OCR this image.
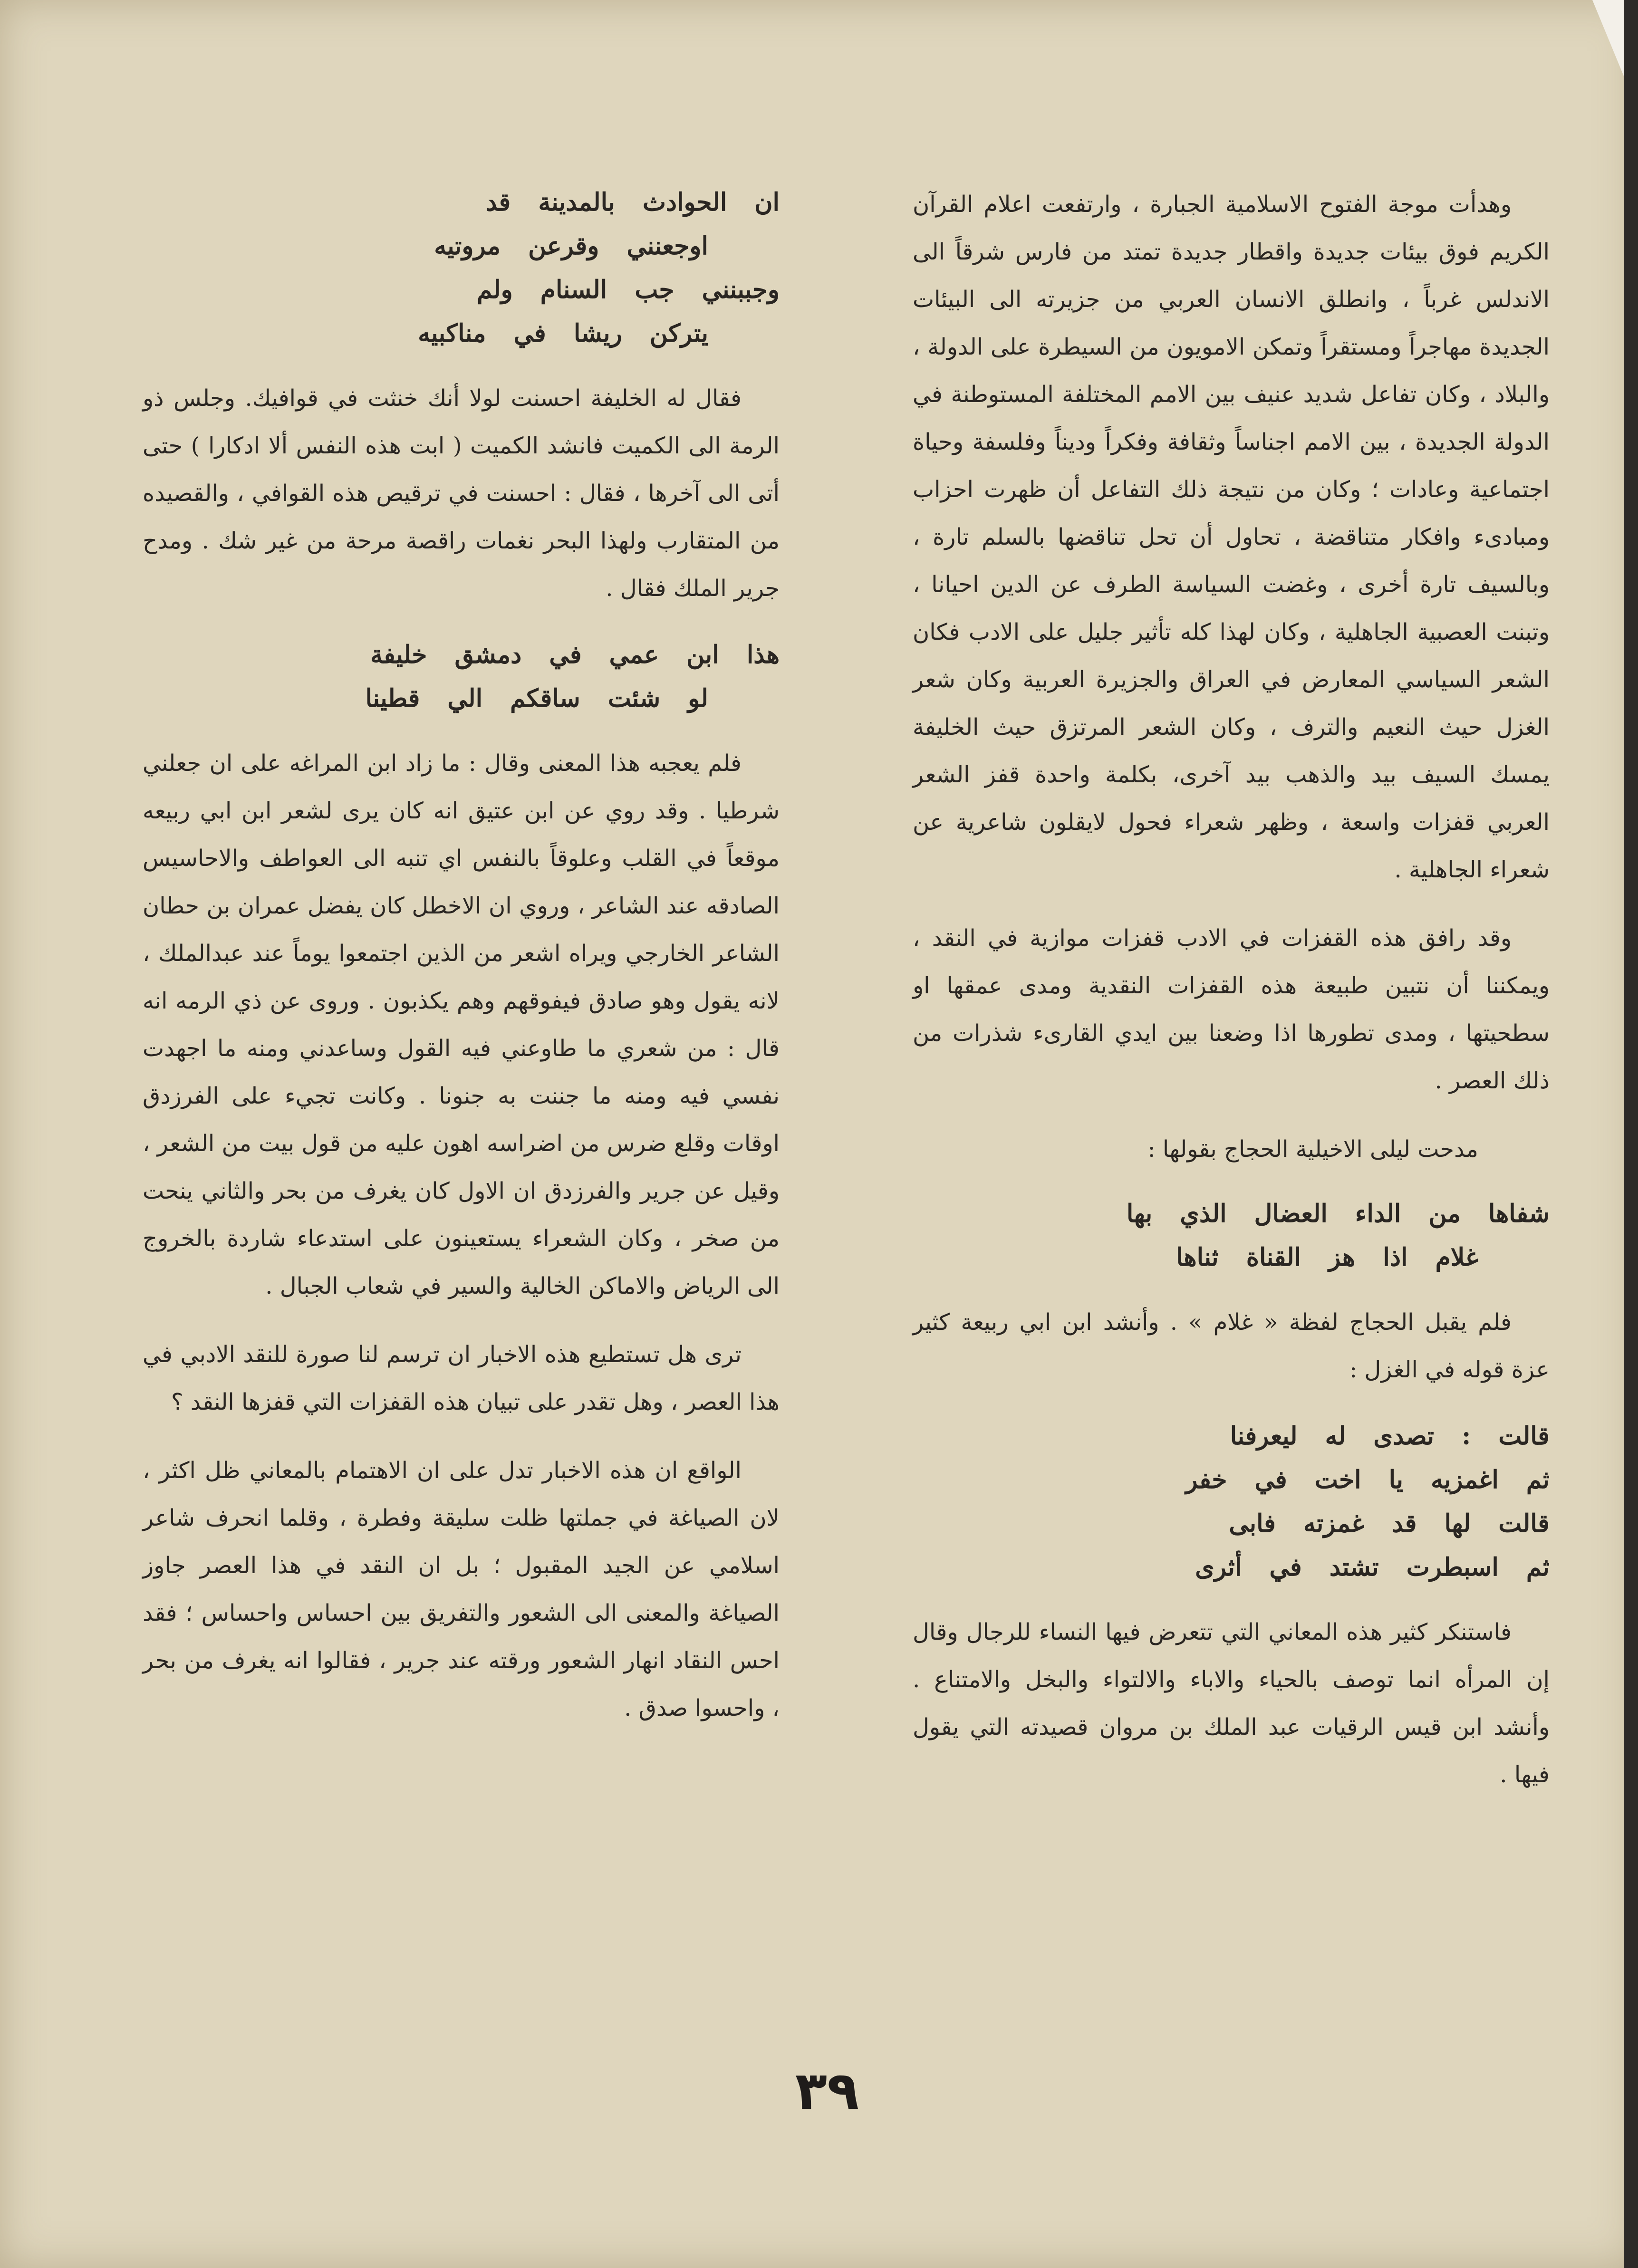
وهدأت موجة الفتوح الاسلامية الجبارة ، وارتفعت اعلام القرآن الكريم فوق بيئات جديدة واقطار جديدة تمتد من فارس شرقاً الى الاندلس غرباً ، وانطلق الانسان العربي من جزيرته الى البيئات الجديدة مهاجراً ومستقراً وتمكن الامويون من السيطرة على الدولة ، والبلاد ، وكان تفاعل شديد عنيف بين الامم المختلفة المستوطنة في الدولة الجديدة ، بين الامم اجناساً وثقافة وفكراً وديناً وفلسفة وحياة اجتماعية وعادات ؛ وكان من نتيجة ذلك التفاعل أن ظهرت احزاب ومبادىء وافكار متناقضة ، تحاول أن تحل تناقضها بالسلم تارة ، وبالسيف تارة أخرى ، وغضت السياسة الطرف عن الدين احيانا ، وتبنت العصبية الجاهلية ، وكان لهذا كله تأثير جليل على الادب فكان الشعر السياسي المعارض في العراق والجزيرة العربية وكان شعر الغزل حيث النعيم والترف ، وكان الشعر المرتزق حيث الخليفة يمسك السيف بيد والذهب بيد آخرى، بكلمة واحدة قفز الشعر العربي قفزات واسعة ، وظهر شعراء فحول لايقلون شاعرية عن شعراء الجاهلية .

وقد رافق هذه القفزات في الادب قفزات موازية في النقد ، ويمكننا أن نتبين طبيعة هذه القفزات النقدية ومدى عمقها او سطحيتها ، ومدى تطورها اذا وضعنا بين ايدي القارىء شذرات من ذلك العصر .

مدحت ليلى الاخيلية الحجاج بقولها :

شفاها من الداء العضال الذي بها

غلام اذا هز القناة ثناها

فلم يقبل الحجاج لفظة « غلام » . وأنشد ابن ابي ربيعة كثير عزة قوله في الغزل :

قالت : تصدى له ليعرفنا

ثم اغمزيه يا اخت في خفر

قالت لها قد غمزته فابى

ثم اسبطرت تشتد في أثرى

فاستنكر كثير هذه المعاني التي تتعرض فيها النساء للرجال وقال إن المرأه انما توصف بالحياء والاباء والالتواء والبخل والامتناع . وأنشد ابن قيس الرقيات عبد الملك بن مروان قصيدته التي يقول فيها .

ان الحوادث بالمدينة قد

اوجعنني وقرعن مروتيه

وجببنني جب السنام ولم

يتركن ريشا في مناكبيه

فقال له الخليفة احسنت لولا أنك خنثت في قوافيك. وجلس ذو الرمة الى الكميت فانشد الكميت ( ابت هذه النفس ألا ادكارا ) حتى أتى الى آخرها ، فقال : احسنت في ترقيص هذه القوافي ، والقصيده من المتقارب ولهذا البحر نغمات راقصة مرحة من غير شك . ومدح جرير الملك فقال .

هذا ابن عمي في دمشق خليفة

لو شئت ساقكم الي قطينا

فلم يعجبه هذا المعنى وقال : ما زاد ابن المراغه على ان جعلني شرطيا . وقد روي عن ابن عتيق انه كان يرى لشعر ابن ابي ربيعه موقعاً في القلب وعلوقاً بالنفس اي تنبه الى العواطف والاحاسيس الصادقه عند الشاعر ، وروي ان الاخطل كان يفضل عمران بن حطان الشاعر الخارجي ويراه اشعر من الذين اجتمعوا يوماً عند عبدالملك ، لانه يقول وهو صادق فيفوقهم وهم يكذبون . وروى عن ذي الرمه انه قال : من شعري ما طاوعني فيه القول وساعدني ومنه ما اجهدت نفسي فيه ومنه ما جننت به جنونا . وكانت تجيء على الفرزدق اوقات وقلع ضرس من اضراسه اهون عليه من قول بيت من الشعر ، وقيل عن جرير والفرزدق ان الاول كان يغرف من بحر والثاني ينحت من صخر ، وكان الشعراء يستعينون على استدعاء شاردة بالخروج الى الرياض والاماكن الخالية والسير في شعاب الجبال .

ترى هل تستطيع هذه الاخبار ان ترسم لنا صورة للنقد الادبي في هذا العصر ، وهل تقدر على تبيان هذه القفزات التي قفزها النقد ؟

الواقع ان هذه الاخبار تدل على ان الاهتمام بالمعاني ظل اكثر ، لان الصياغة في جملتها ظلت سليقة وفطرة ، وقلما انحرف شاعر اسلامي عن الجيد المقبول ؛ بل ان النقد في هذا العصر جاوز الصياغة والمعنى الى الشعور والتفريق بين احساس واحساس ؛ فقد احس النقاد انهار الشعور ورقته عند جرير ، فقالوا انه يغرف من بحر ، واحسوا صدق .

٣٩
